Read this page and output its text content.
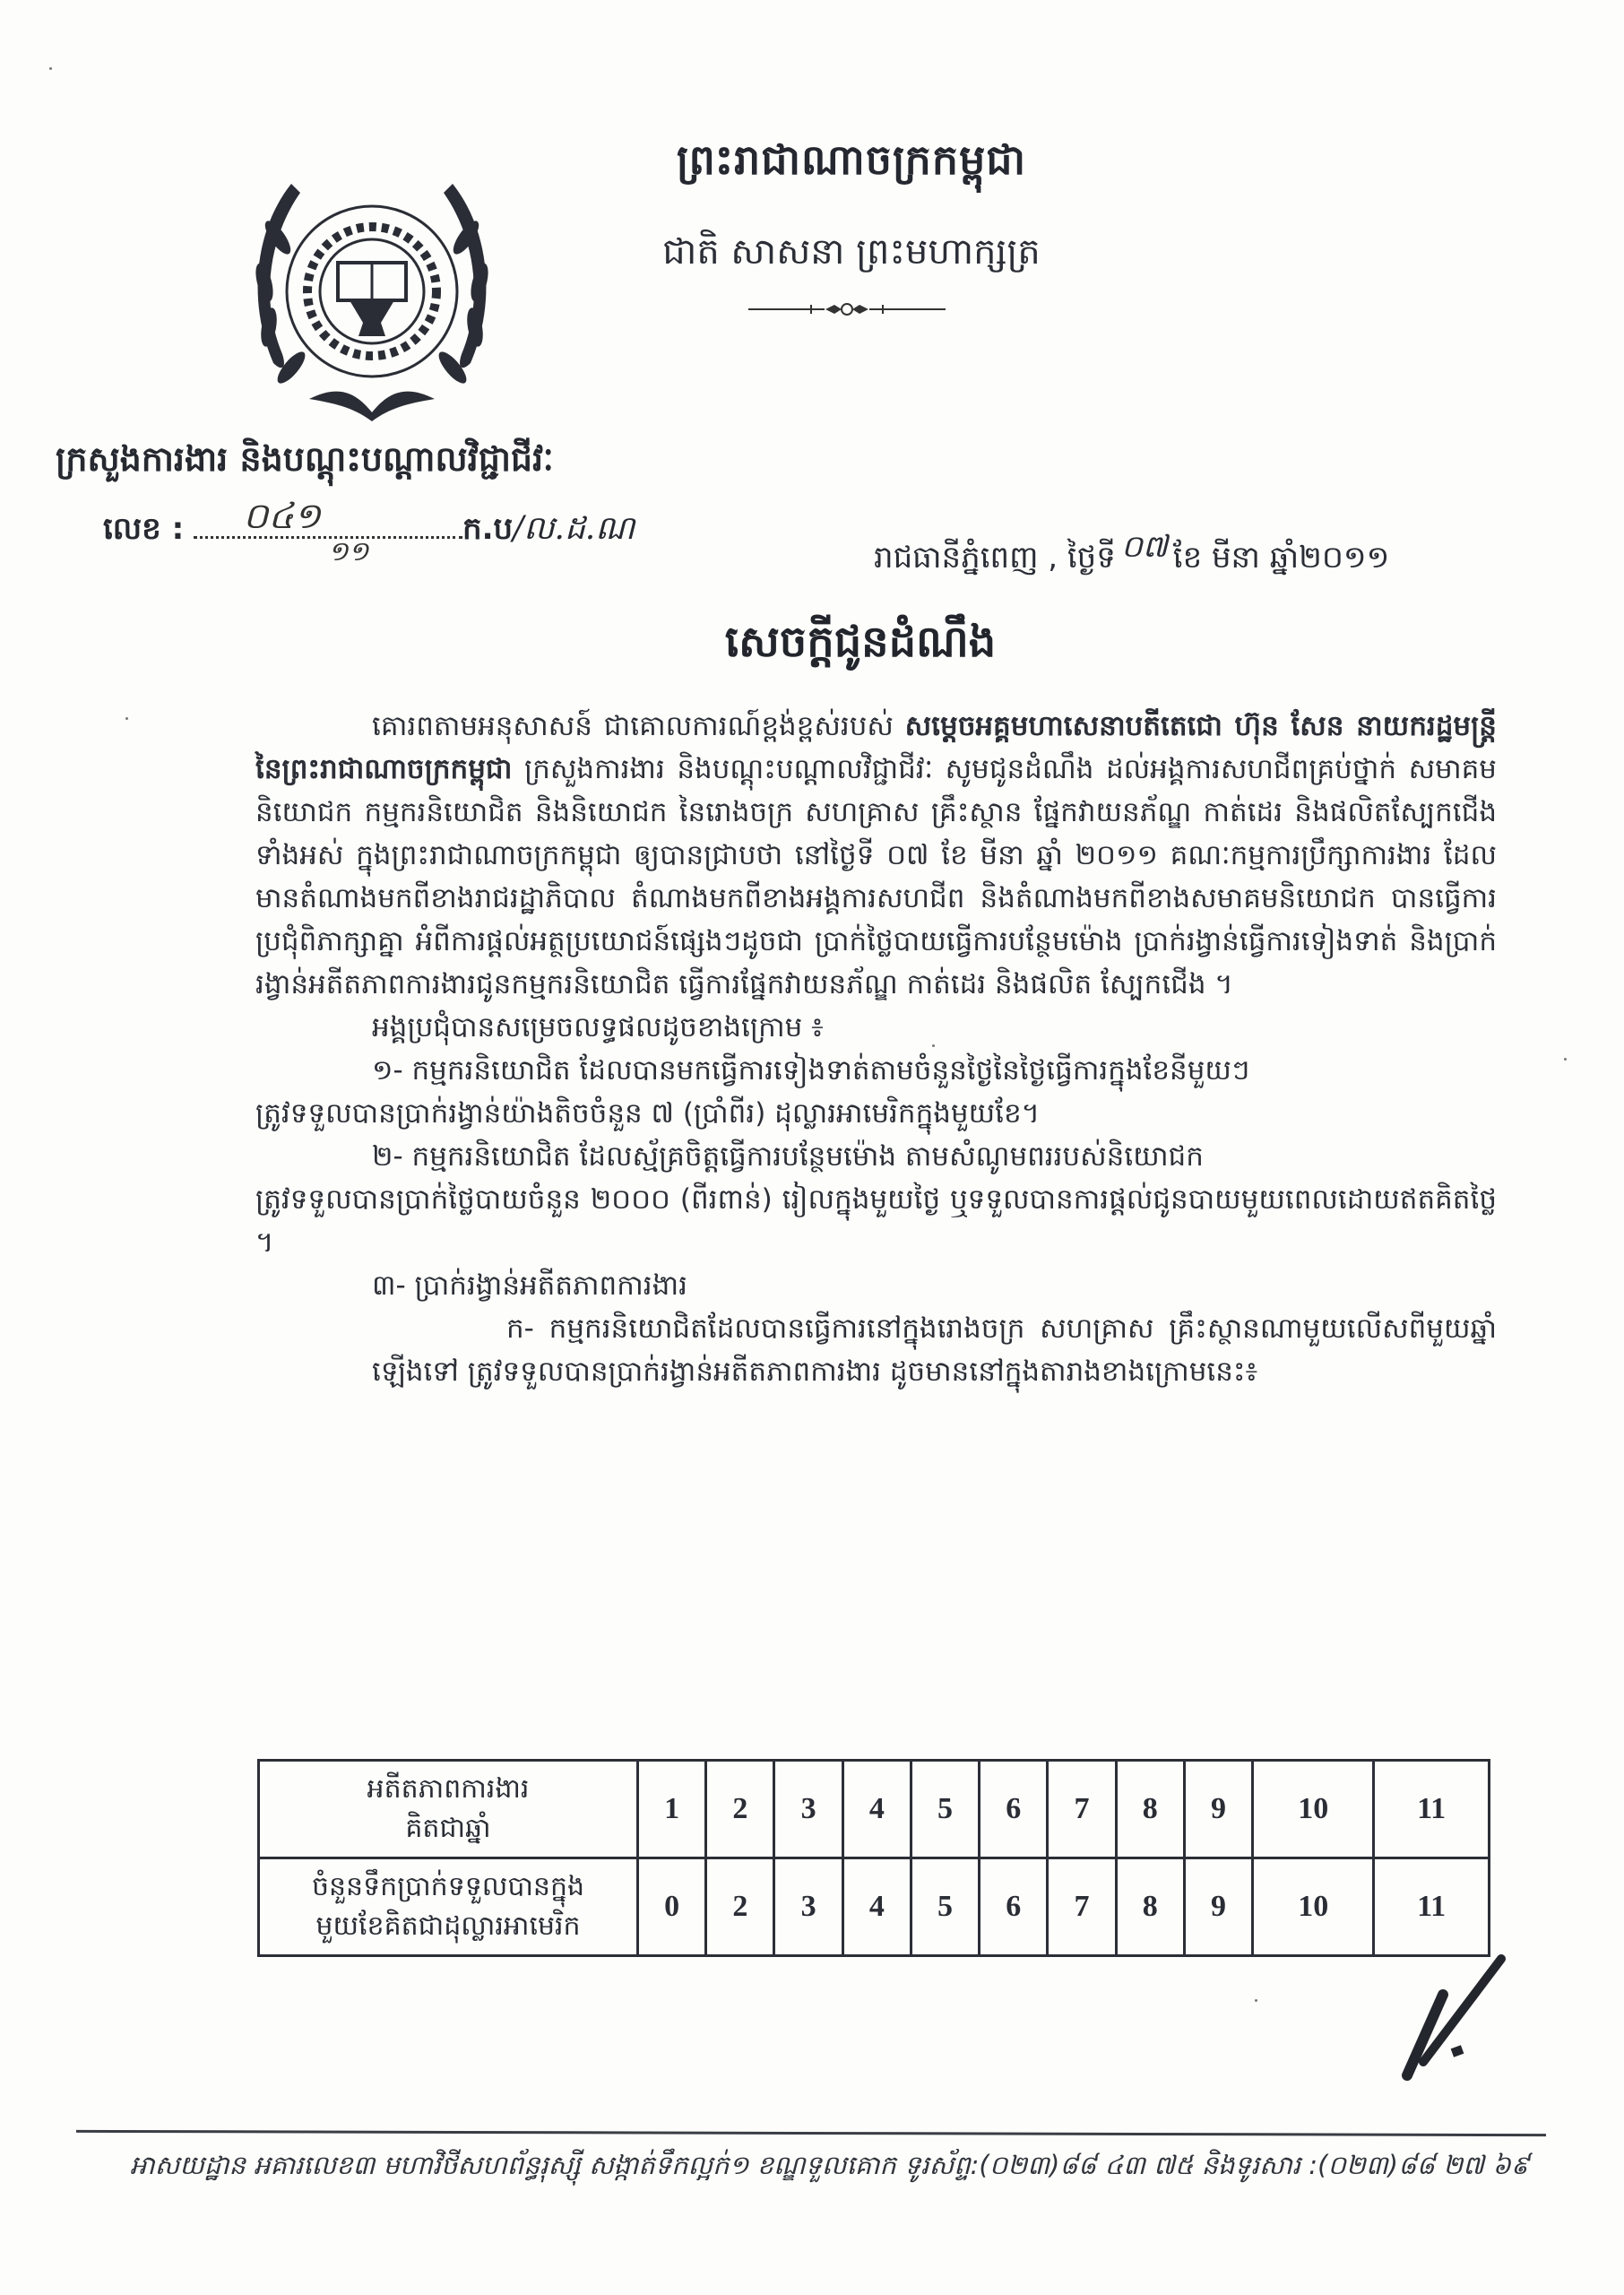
ព្រះរាជាណាចក្រកម្ពុជា
ជាតិ សាសនា ព្រះមហាក្សត្រ
ក្រសួងការងារ និងបណ្តុះបណ្តាលវិជ្ជាជីវៈ
លេខ : ០៤១
១១
ក.ប/ល.ដ.ណ
រាជធានីភ្នំពេញ , ថ្ងៃទី ០៧ ខែ មីនា ឆ្នាំ២០១១
សេចក្តីជូនដំណឹង

គោរពតាមអនុសាសន៍ ជាគោលការណ៍ខ្ពង់ខ្ពស់របស់ សម្តេចអគ្គមហាសេនាបតីតេជោ ហ៊ុន សែន នាយករដ្ឋមន្ត្រីនៃព្រះរាជាណាចក្រកម្ពុជា ក្រសួងការងារ និងបណ្តុះបណ្តាលវិជ្ជាជីវៈ សូមជូនដំណឹង ដល់អង្គការសហជីពគ្រប់ថ្នាក់ សមាគមនិយោជក កម្មករនិយោជិត និងនិយោជក នៃរោងចក្រ សហគ្រាស គ្រឹះស្ថាន ផ្នែកវាយនភ័ណ្ឌ កាត់ដេរ និងផលិតស្បែកជើង ទាំងអស់ ក្នុងព្រះរាជាណាចក្រកម្ពុជា ឲ្យបានជ្រាបថា នៅថ្ងៃទី ០៧ ខែ មីនា ឆ្នាំ ២០១១ គណៈកម្មការប្រឹក្សាការងារ ដែលមានតំណាងមកពីខាងរាជរដ្ឋាភិបាល តំណាងមកពីខាងអង្គការសហជីព និងតំណាងមកពីខាងសមាគមនិយោជក បានធ្វើការប្រជុំពិភាក្សាគ្នា អំពីការផ្តល់អត្ថប្រយោជន៍ផ្សេងៗដូចជា ប្រាក់ថ្លៃបាយធ្វើការបន្ថែមម៉ោង ប្រាក់រង្វាន់ធ្វើការទៀងទាត់ និងប្រាក់រង្វាន់អតីតភាពការងារជូនកម្មករនិយោជិត ធ្វើការផ្នែកវាយនភ័ណ្ឌ កាត់ដេរ និងផលិត ស្បែកជើង ។

អង្គប្រជុំបានសម្រេចលទ្ធផលដូចខាងក្រោម ៖

១- កម្មករនិយោជិត ដែលបានមកធ្វើការទៀងទាត់តាមចំនួនថ្ងៃនៃថ្ងៃធ្វើការក្នុងខែនីមួយៗ

ត្រូវទទួលបានប្រាក់រង្វាន់យ៉ាងតិចចំនួន ៧ (ប្រាំពីរ) ដុល្លារអាមេរិកក្នុងមួយខែ។

២- កម្មករនិយោជិត ដែលស្ម័គ្រចិត្តធ្វើការបន្ថែមម៉ោង តាមសំណូមពររបស់និយោជក

ត្រូវទទួលបានប្រាក់ថ្លៃបាយចំនួន ២០០០ (ពីរពាន់) រៀលក្នុងមួយថ្ងៃ ឬទទួលបានការផ្តល់ជូនបាយមួយពេលដោយឥតគិតថ្លៃ ។

៣- ប្រាក់រង្វាន់អតីតភាពការងារ

ក- កម្មករនិយោជិតដែលបានធ្វើការនៅក្នុងរោងចក្រ សហគ្រាស គ្រឹះស្ថានណាមួយលើសពីមួយឆ្នាំឡើងទៅ ត្រូវទទួលបានប្រាក់រង្វាន់អតីតភាពការងារ ដូចមាននៅក្នុងតារាងខាងក្រោមនេះ៖

អតីតភាពការងារ
គិតជាឆ្នាំ	1	2	3	4	5	6	7	8	9	10	11

ចំនួនទឹកប្រាក់ទទួលបានក្នុង
មួយខែគិតជាដុល្លារអាមេរិក	0	2	3	4	5	6	7	8	9	10	11
អាសយដ្ឋាន អគារលេខ៣ មហាវិថីសហព័ន្ធរុស្ស៊ី សង្កាត់ទឹកល្អក់១ ខណ្ឌទួលគោក ទូរស័ព្ទ:(០២៣)៨៨ ៤៣ ៧៥ និងទូរសារ :(០២៣)៨៨ ២៧ ៦៩
